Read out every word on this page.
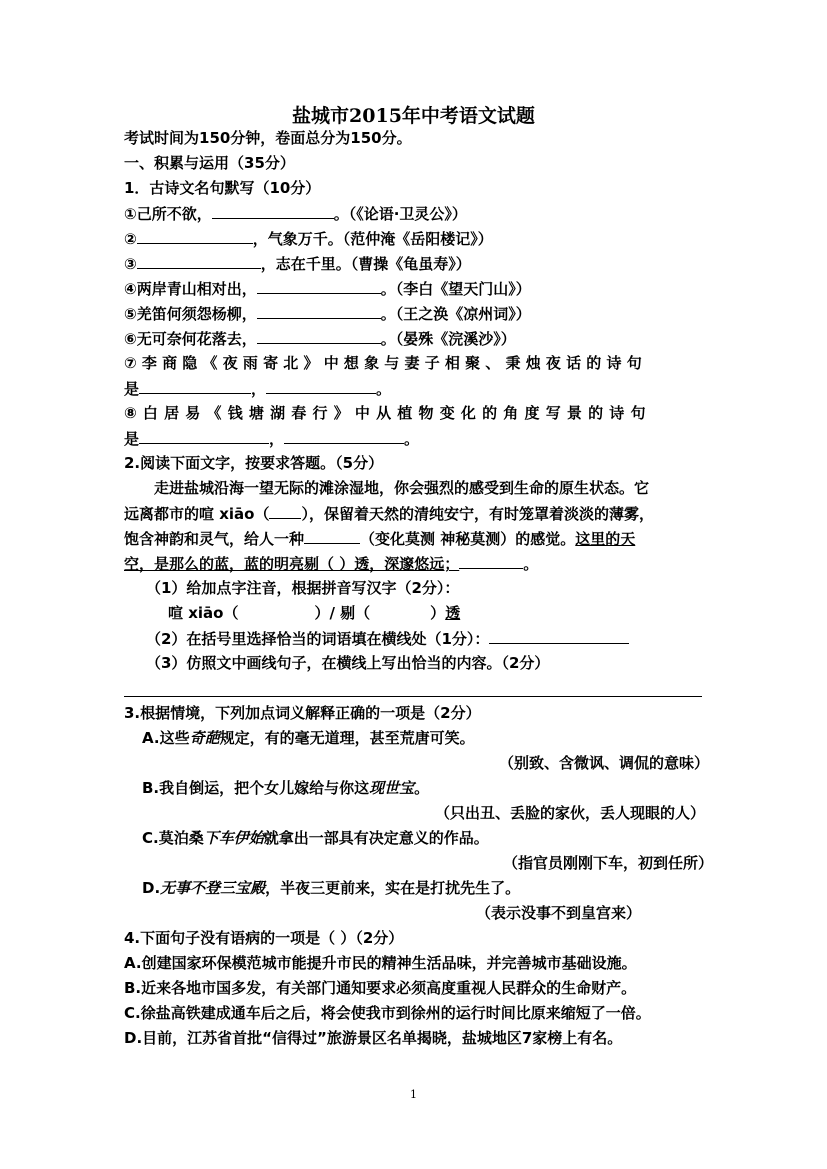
盐城市2015年中考语文试题
考试时间为150分钟，卷面总分为150分。
一、积累与运用（35分）
1．古诗文名句默写（10分）
①己所不欲，	。（《论语·卫灵公》）
②	，气象万千。（范仲淹《岳阳楼记》）
③	，志在千里。（曹操《龟虽寿》）
④两岸青山相对出，	。（李白《望天门山》）
⑤羌笛何须怨杨柳，	。（王之涣《凉州词》）
⑥无可奈何花落去，	。（晏殊《浣溪沙》）
⑦李商隐《夜雨寄北》中想象与妻子相聚、秉烛夜话的诗句
是	，	。
⑧白居易《钱塘湖春行》中从植物变化的角度写景的诗句
是	，	。
2.阅读下面文字，按要求答题。（5分）
走进盐城沿海一望无际的滩涂湿地，你会强烈的感受到生命的原生状态。它
远离都市的喧 xiāo（ ），保留着天然的清纯安宁，有时笼罩着淡淡的薄雾，
饱含神韵和灵气，给人一种	（变化莫测 神秘莫测）的感觉。这里的天
空，是那么的蓝，蓝的明亮剔（ ）透，深邃悠远；	。
（1）给加点字注音，根据拼音写汉字（2分）：
喧 xiāo（	）/ 剔（	）透
（2）在括号里选择恰当的词语填在横线处（1分）：
（3）仿照文中画线句子，在横线上写出恰当的内容。（2分）
3.根据情境，下列加点词义解释正确的一项是（2分）
A.这些奇葩规定，有的毫无道理，甚至荒唐可笑。
（别致、含微讽、调侃的意味）
B.我自倒运，把个女儿嫁给与你这现世宝。
（只出丑、丢脸的家伙，丢人现眼的人）
C.莫泊桑下车伊始就拿出一部具有决定意义的作品。
（指官员刚刚下车，初到任所）
D.无事不登三宝殿，半夜三更前来，实在是打扰先生了。
（表示没事不到皇宫来）
4.下面句子没有语病的一项是（ ）（2分）
A.创建国家环保模范城市能提升市民的精神生活品味，并完善城市基础设施。
B.近来各地市国多发，有关部门通知要求必须高度重视人民群众的生命财产。
C.徐盐高铁建成通车后之后，将会使我市到徐州的运行时间比原来缩短了一倍。
D.目前，江苏省首批“信得过”旅游景区名单揭晓，盐城地区7家榜上有名。
1
